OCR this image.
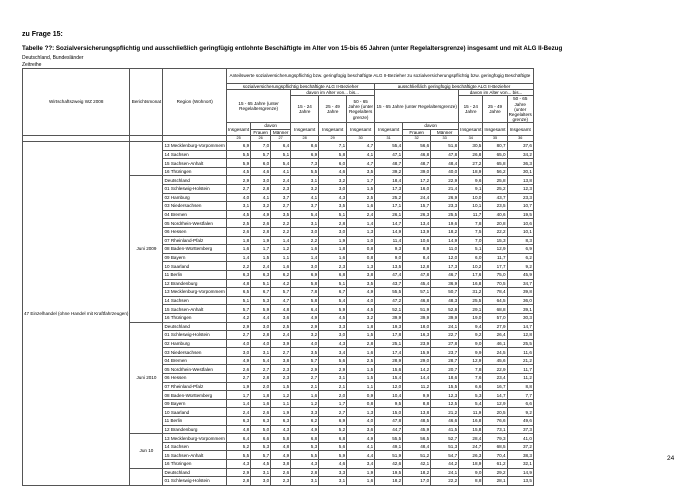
zu Frage 15:
Tabelle ??: Sozialversicherungspflichtig und ausschließlich geringfügig entlohnte Beschäftigte im Alter von 15-bis 65 Jahren (unter Regelaltersgrenze) insgesamt und mit ALG II-Bezug
Deutschland, Bundesländer
Zeitreihe
Wirtschaftszweig WZ 2008	Berichtsmonat	Region (Wohnort)	Anteilswerte sozialversicherungspflichtig bzw. geringfügig beschäftigte ALG II-Bezieher zu sozialversicherungspflichtig bzw. geringfügig Beschäftigte											
			sozialversicherungspflichtig beschäftigte ALG II-Bezieher						ausschließlich geringfügig beschäftigte ALG II-Bezieher					
			15 - 65 Jahre (unter Regelaltersgrenze)			davon im Alter von... bis...			15 - 65 Jahre (unter Regelaltersgrenze)			davon im Alter von... bis...		
						15 - 24 Jahre	25 - 49 Jahre	50 - 65 Jahre (unter Regelalters grenze)				15 - 24 Jahre	25 - 49 Jahre	50 - 65 Jahre (unter Regelalters grenze)

			Insgesamt	davon		Insgesamt	Insgesamt	Insgesamt	Insgesamt	davon		Insgesamt	Insgesamt	Insgesamt
				Frauen	Männer					Frauen	Männer			
			25	26	27	28	29	30	31	32	33	34	35	36
47 Einzelhandel (ohne Handel mit Kraftfahrzeugen)		13 Mecklenburg-Vorpommern	6,9	7,0	6,4	8,6	7,1	4,7	55,4	56,6	51,8	30,5	80,7	37,6
		14 Sachsen	5,5	5,7	5,1	6,9	5,8	4,1	47,1	46,8	47,8	26,8	65,0	34,2
		15 Sachsen-Anhalt	5,9	6,0	5,4	7,3	6,0	4,7	48,7	48,7	48,4	27,2	65,8	36,3
		16 Thüringen	4,5	4,6	4,1	5,5	4,6	3,5	39,2	39,0	40,0	18,9	56,2	30,1
	Juni 2009	Deutschland	2,9	3,0	2,4	3,1	3,2	1,7	18,4	17,2	22,9	9,6	25,8	13,8
		01 Schleswig-Holstein	2,7	2,8	2,3	3,2	3,0	1,5	17,3	16,0	21,4	9,1	25,2	12,3
		02 Hamburg	4,0	4,1	3,7	4,1	4,3	2,5	25,2	24,4	26,9	10,0	43,7	23,3
		03 Niedersachsen	3,1	3,2	2,7	3,7	3,5	1,6	17,1	15,7	23,3	10,1	23,5	10,7
		04 Bremen	4,5	4,9	3,5	5,4	5,1	2,4	26,1	26,3	25,5	11,7	40,6	19,5
		05 Nordrhein-Westfalen	2,5	2,6	2,2	3,1	2,8	1,4	14,7	13,4	19,6	7,8	20,8	10,6
		06 Hessen	2,6	2,8	2,2	3,0	3,0	1,3	14,9	13,9	18,2	7,5	22,2	10,1
		07 Rheinland-Pfalz	1,8	1,9	1,4	2,2	1,9	1,0	11,4	10,6	14,9	7,0	15,3	8,3
		08 Baden-Württemberg	1,6	1,7	1,2	1,6	1,8	0,8	9,3	8,9	11,0	5,1	12,9	6,9
		09 Bayern	1,4	1,5	1,1	1,4	1,6	0,8	9,0	8,4	12,0	6,0	11,7	6,2
		10 Saarland	2,2	2,4	1,6	3,0	2,3	1,3	13,5	12,8	17,3	10,2	17,7	9,2
		11 Berlin	6,3	6,3	6,2	6,9	6,8	3,8	47,4	47,8	46,7	17,6	75,0	45,9
		12 Brandenburg	4,8	5,1	4,2	5,8	5,1	3,5	43,7	45,4	36,9	16,8	70,5	34,7
		13 Mecklenburg-Vorpommern	6,5	6,7	5,7	7,8	6,7	4,9	55,5	57,1	50,7	31,2	78,4	39,8
		14 Sachsen	5,1	5,3	4,7	5,8	5,4	4,0	47,2	46,8	48,3	25,5	64,5	36,0
		15 Sachsen-Anhalt	5,7	5,9	4,8	6,4	5,9	4,5	52,1	51,9	52,8	29,1	68,8	39,1
		16 Thüringen	4,2	4,4	3,6	4,9	4,5	3,2	39,9	39,9	39,9	19,0	57,0	30,3
	Juni 2010	Deutschland	2,9	3,0	2,5	2,9	3,3	1,8	19,3	18,0	24,1	9,4	27,9	14,7
		01 Schleswig-Holstein	2,7	2,8	2,4	3,2	3,0	1,5	17,8	16,3	22,7	9,2	26,4	12,8
		02 Hamburg	4,0	4,0	3,9	4,0	4,3	2,8	25,1	23,9	27,8	9,0	46,1	25,5
		03 Niedersachsen	3,0	3,1	2,7	3,5	3,4	1,6	17,4	15,9	23,7	9,9	24,5	11,6
		04 Bremen	4,9	5,4	3,8	5,7	5,6	2,5	28,9	29,0	28,7	12,9	45,6	21,2
		05 Nordrhein-Westfalen	2,6	2,7	2,3	2,9	2,9	1,5	15,6	14,2	20,7	7,8	22,9	11,7
		06 Hessen	2,7	2,8	2,3	2,7	3,1	1,5	15,4	14,4	18,6	7,6	23,4	11,2
		07 Rheinland-Pfalz	1,9	2,0	1,5	2,1	2,1	1,1	12,0	11,2	15,5	6,6	16,7	8,8
		08 Baden-Württemberg	1,7	1,8	1,2	1,6	2,0	0,9	10,4	9,9	12,3	5,3	14,7	7,7
		09 Bayern	1,4	1,6	1,1	1,2	1,7	0,8	9,5	8,8	12,5	5,4	12,9	6,6
		10 Saarland	2,4	2,6	1,9	3,3	2,7	1,3	15,0	13,8	21,2	11,9	20,5	9,2
		11 Berlin	6,3	6,3	6,3	6,2	6,9	4,0	47,8	48,5	46,6	16,8	76,6	49,6
		12 Brandenburg	4,8	5,0	4,3	4,9	5,2	3,6	44,7	45,9	41,5	15,8	73,1	37,3
	Jun 10	13 Mecklenburg-Vorpommern	6,4	6,6	5,8	6,8	6,8	4,9	55,5	56,5	52,7	28,4	79,3	41,0
		14 Sachsen	5,2	5,3	4,8	5,3	5,6	4,1	49,1	48,4	51,3	24,7	68,5	37,2
		15 Sachsen-Anhalt	5,5	5,7	4,9	5,5	5,9	4,4	51,9	51,2	54,7	26,3	70,4	38,3
		16 Thüringen	4,3	4,5	3,8	4,3	4,6	3,4	42,6	42,1	44,2	18,9	61,2	32,1
		Deutschland	2,9	3,1	2,6	2,8	3,3	1,9	19,5	18,2	24,1	9,0	29,2	14,9
		01 Schleswig-Holstein	2,8	3,0	2,3	3,1	3,1	1,6	18,2	17,0	22,2	8,8	28,1	13,5
24
